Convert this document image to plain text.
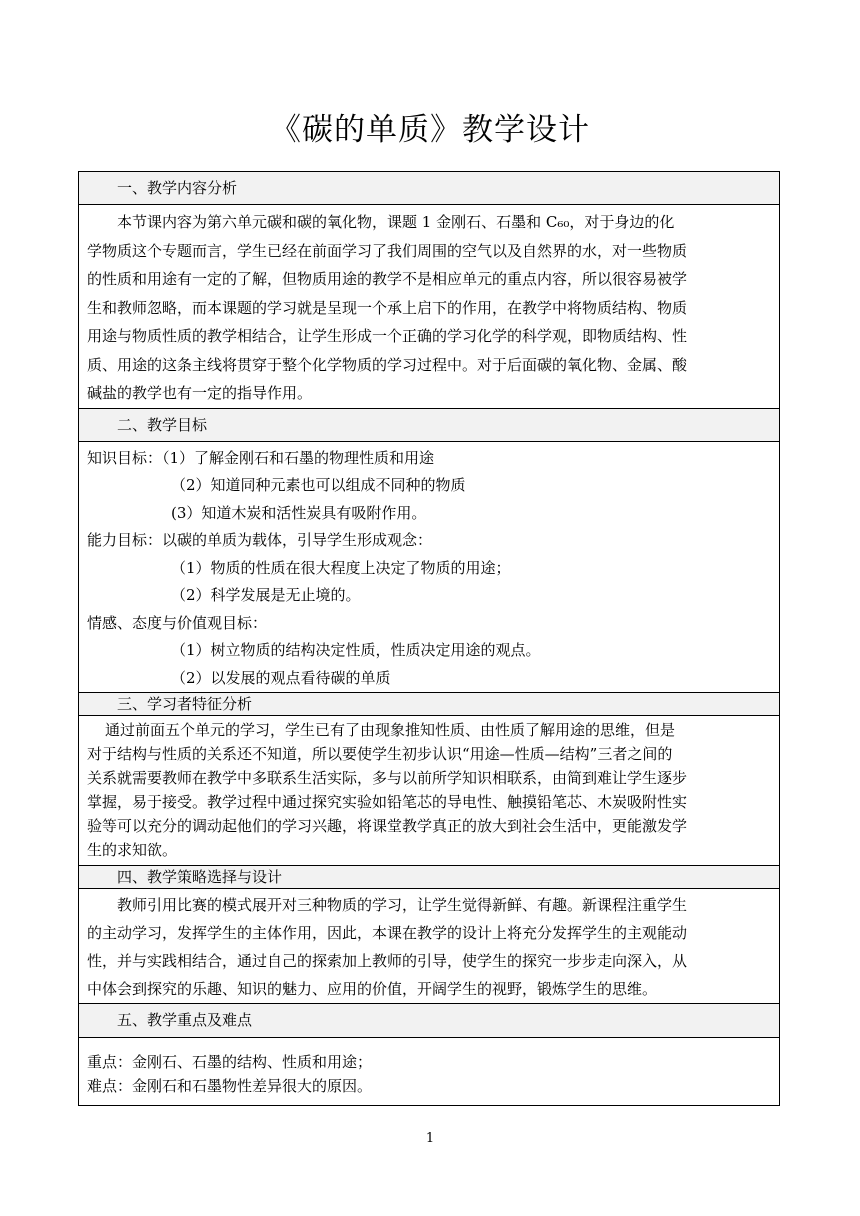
《碳的单质》教学设计
一、教学内容分析

本节课内容为第六单元碳和碳的氧化物，课题 1 金刚石、石墨和 C₆₀，对于身边的化
学物质这个专题而言，学生已经在前面学习了我们周围的空气以及自然界的水，对一些物质
的性质和用途有一定的了解，但物质用途的教学不是相应单元的重点内容，所以很容易被学
生和教师忽略，而本课题的学习就是呈现一个承上启下的作用，在教学中将物质结构、物质
用途与物质性质的教学相结合，让学生形成一个正确的学习化学的科学观，即物质结构、性
质、用途的这条主线将贯穿于整个化学物质的学习过程中。对于后面碳的氧化物、金属、酸
碱盐的教学也有一定的指导作用。

二、教学目标

知识目标：（1）了解金刚石和石墨的物理性质和用途
（2）知道同种元素也可以组成不同种的物质
(3）知道木炭和活性炭具有吸附作用。
能力目标：以碳的单质为载体，引导学生形成观念：
（1）物质的性质在很大程度上决定了物质的用途；
（2）科学发展是无止境的。
情感、态度与价值观目标：
（1）树立物质的结构决定性质，性质决定用途的观点。
（2）以发展的观点看待碳的单质

三、学习者特征分析

通过前面五个单元的学习，学生已有了由现象推知性质、由性质了解用途的思维，但是
对于结构与性质的关系还不知道，所以要使学生初步认识“用途—性质—结构”三者之间的
关系就需要教师在教学中多联系生活实际，多与以前所学知识相联系，由简到难让学生逐步
掌握，易于接受。教学过程中通过探究实验如铅笔芯的导电性、触摸铅笔芯、木炭吸附性实
验等可以充分的调动起他们的学习兴趣，将课堂教学真正的放大到社会生活中，更能激发学
生的求知欲。

四、教学策略选择与设计

教师引用比赛的模式展开对三种物质的学习，让学生觉得新鲜、有趣。新课程注重学生
的主动学习，发挥学生的主体作用，因此，本课在教学的设计上将充分发挥学生的主观能动
性，并与实践相结合，通过自己的探索加上教师的引导，使学生的探究一步步走向深入，从
中体会到探究的乐趣、知识的魅力、应用的价值，开阔学生的视野，锻炼学生的思维。

五、教学重点及难点

重点：金刚石、石墨的结构、性质和用途；
难点：金刚石和石墨物性差异很大的原因。
1
